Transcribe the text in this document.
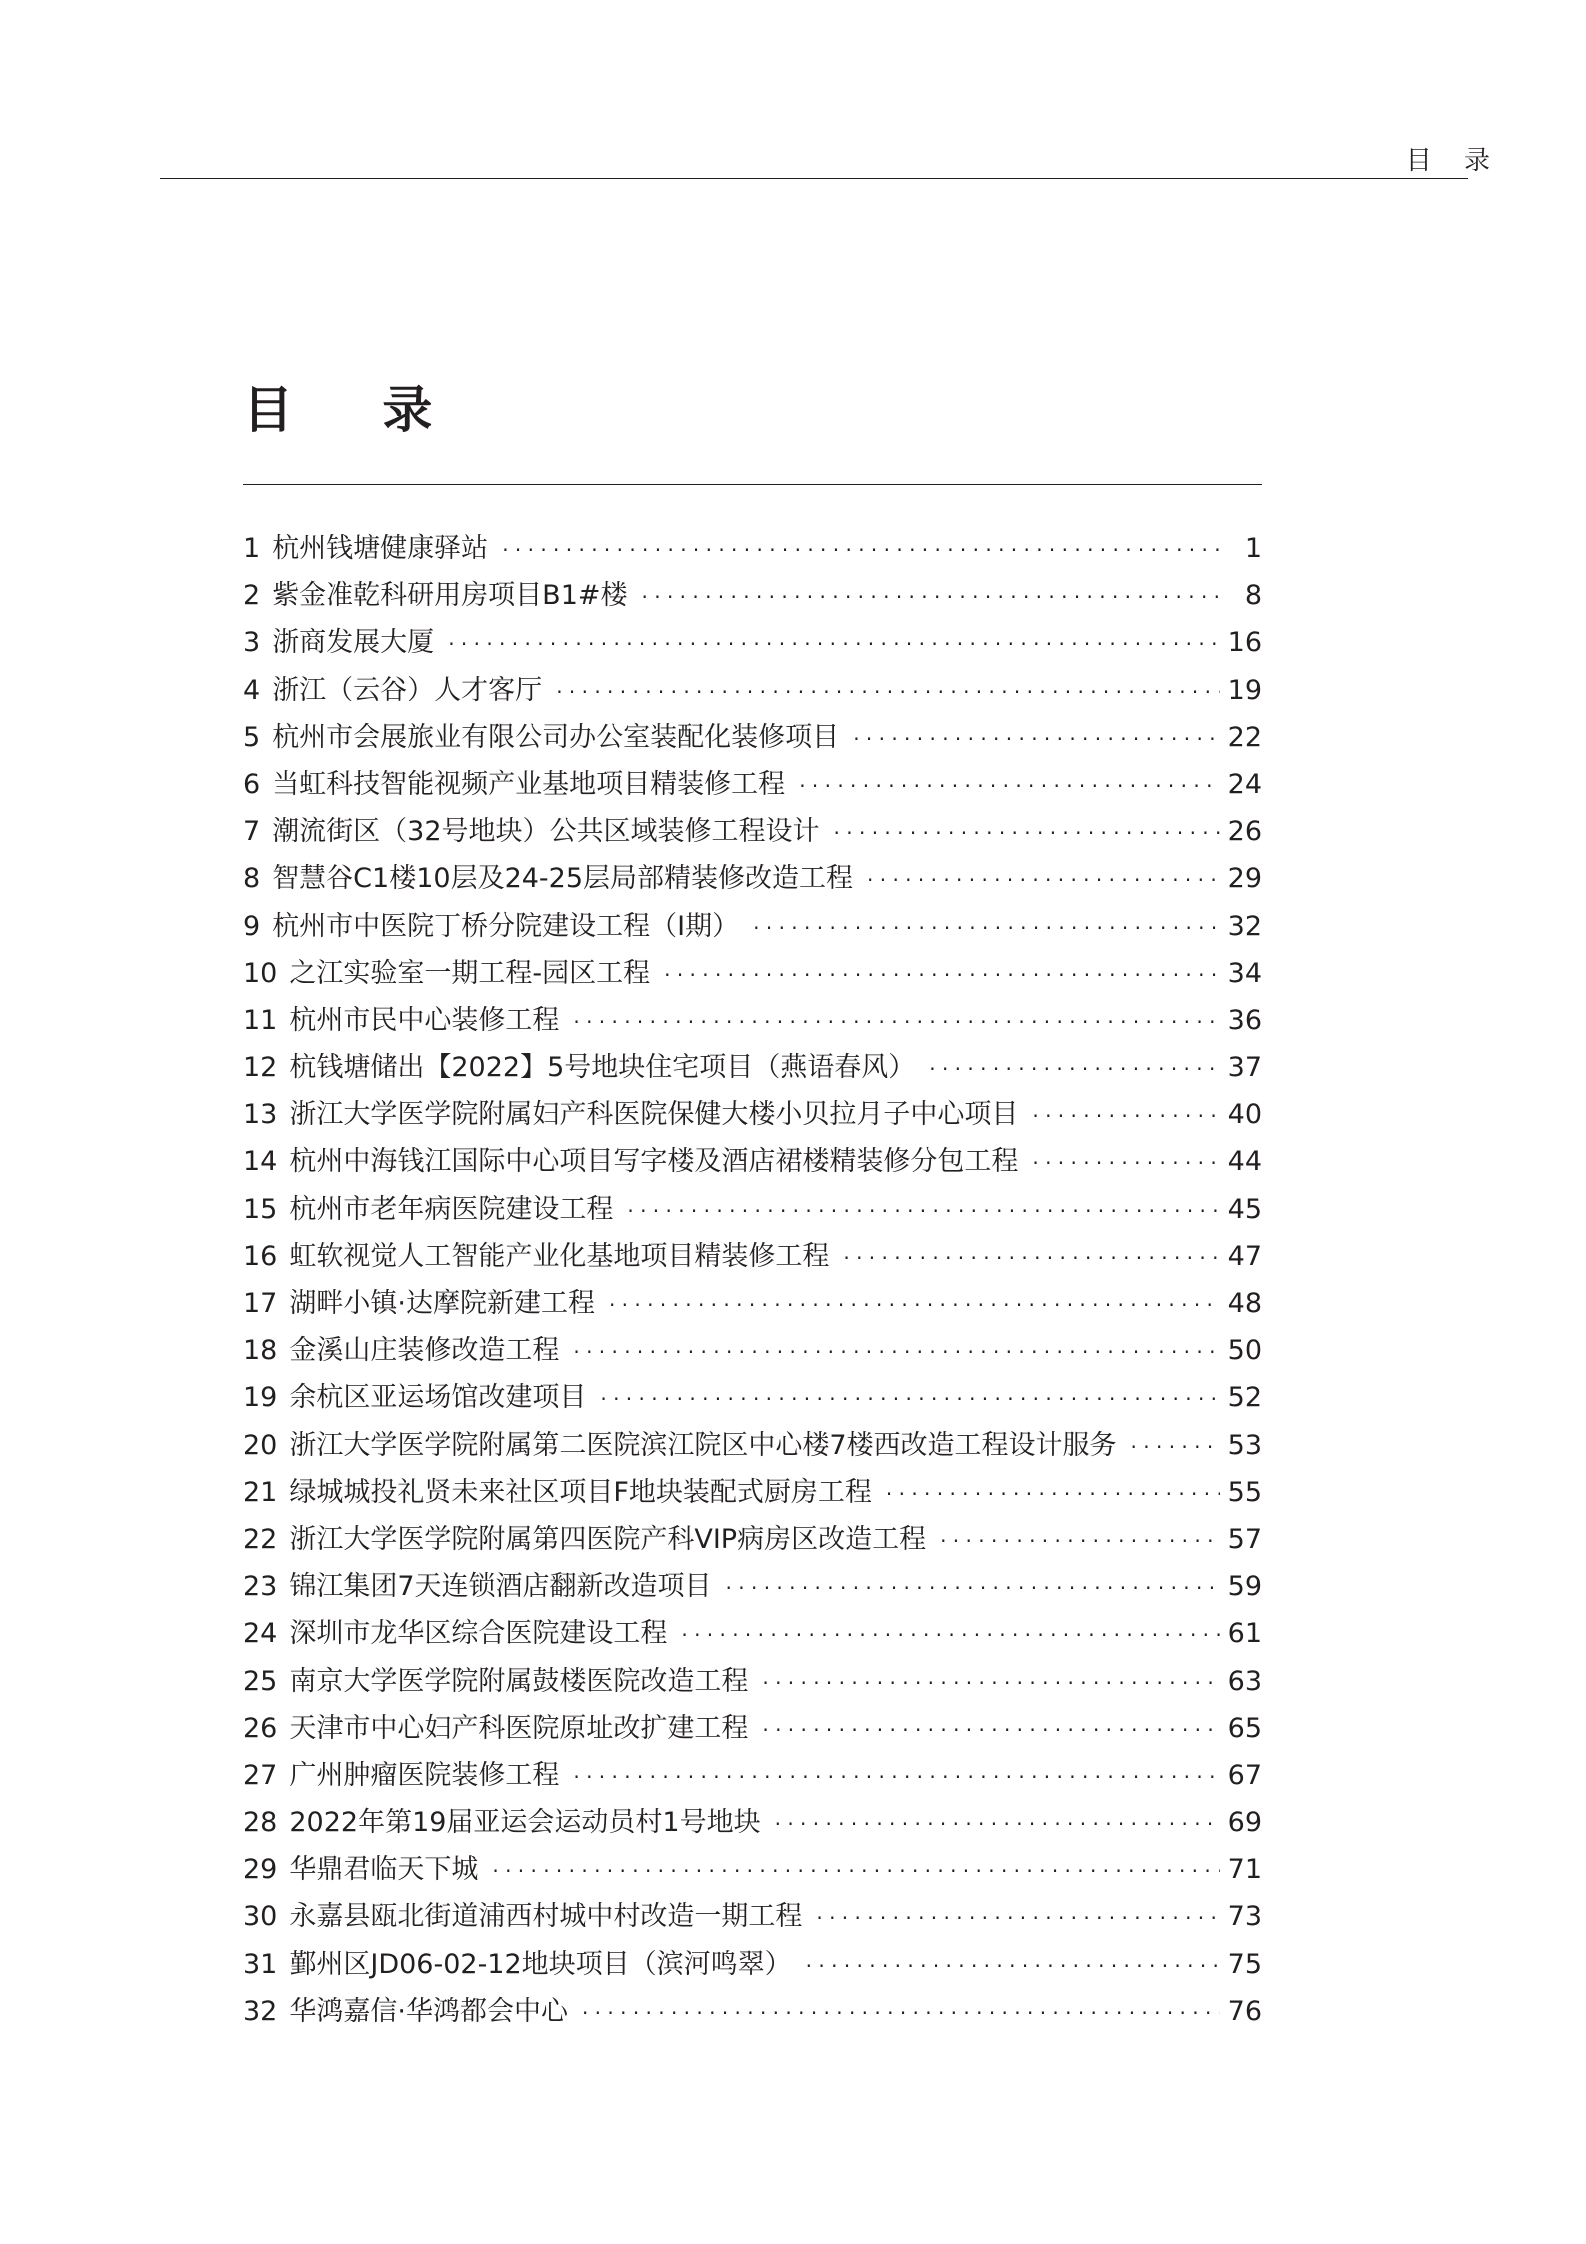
目 录
目 录
1 杭州钱塘健康驿站 · · ·	1
2 紫金准乾科研用房项目B1#楼 · · ·	8
3 浙商发展大厦 · · ·	16
4 浙江（云谷）人才客厅 · · ·	19
5 杭州市会展旅业有限公司办公室装配化装修项目 · · ·	22
6 当虹科技智能视频产业基地项目精装修工程 · · ·	24
7 潮流街区（32号地块）公共区域装修工程设计 · · ·	26
8 智慧谷C1楼10层及24-25层局部精装修改造工程 · · ·	29
9 杭州市中医院丁桥分院建设工程（I期） · · ·	32
10 之江实验室一期工程-园区工程 · · ·	34
11 杭州市民中心装修工程 · · ·	36
12 杭钱塘储出【2022】5号地块住宅项目（燕语春风） · · ·	37
13 浙江大学医学院附属妇产科医院保健大楼小贝拉月子中心项目 · · ·	40
14 杭州中海钱江国际中心项目写字楼及酒店裙楼精装修分包工程 · · ·	44
15 杭州市老年病医院建设工程 · · ·	45
16 虹软视觉人工智能产业化基地项目精装修工程 · · ·	47
17 湖畔小镇·达摩院新建工程 · · ·	48
18 金溪山庄装修改造工程 · · ·	50
19 余杭区亚运场馆改建项目 · · ·	52
20 浙江大学医学院附属第二医院滨江院区中心楼7楼西改造工程设计服务 · · ·	53
21 绿城城投礼贤未来社区项目F地块装配式厨房工程 · · ·	55
22 浙江大学医学院附属第四医院产科VIP病房区改造工程 · · ·	57
23 锦江集团7天连锁酒店翻新改造项目 · · ·	59
24 深圳市龙华区综合医院建设工程 · · ·	61
25 南京大学医学院附属鼓楼医院改造工程 · · ·	63
26 天津市中心妇产科医院原址改扩建工程 · · ·	65
27 广州肿瘤医院装修工程 · · ·	67
28 2022年第19届亚运会运动员村1号地块 · · ·	69
29 华鼎君临天下城 · · ·	71
30 永嘉县瓯北街道浦西村城中村改造一期工程 · · ·	73
31 鄞州区JD06-02-12地块项目（滨河鸣翠） · · ·	75
32 华鸿嘉信·华鸿都会中心 · · ·	76
